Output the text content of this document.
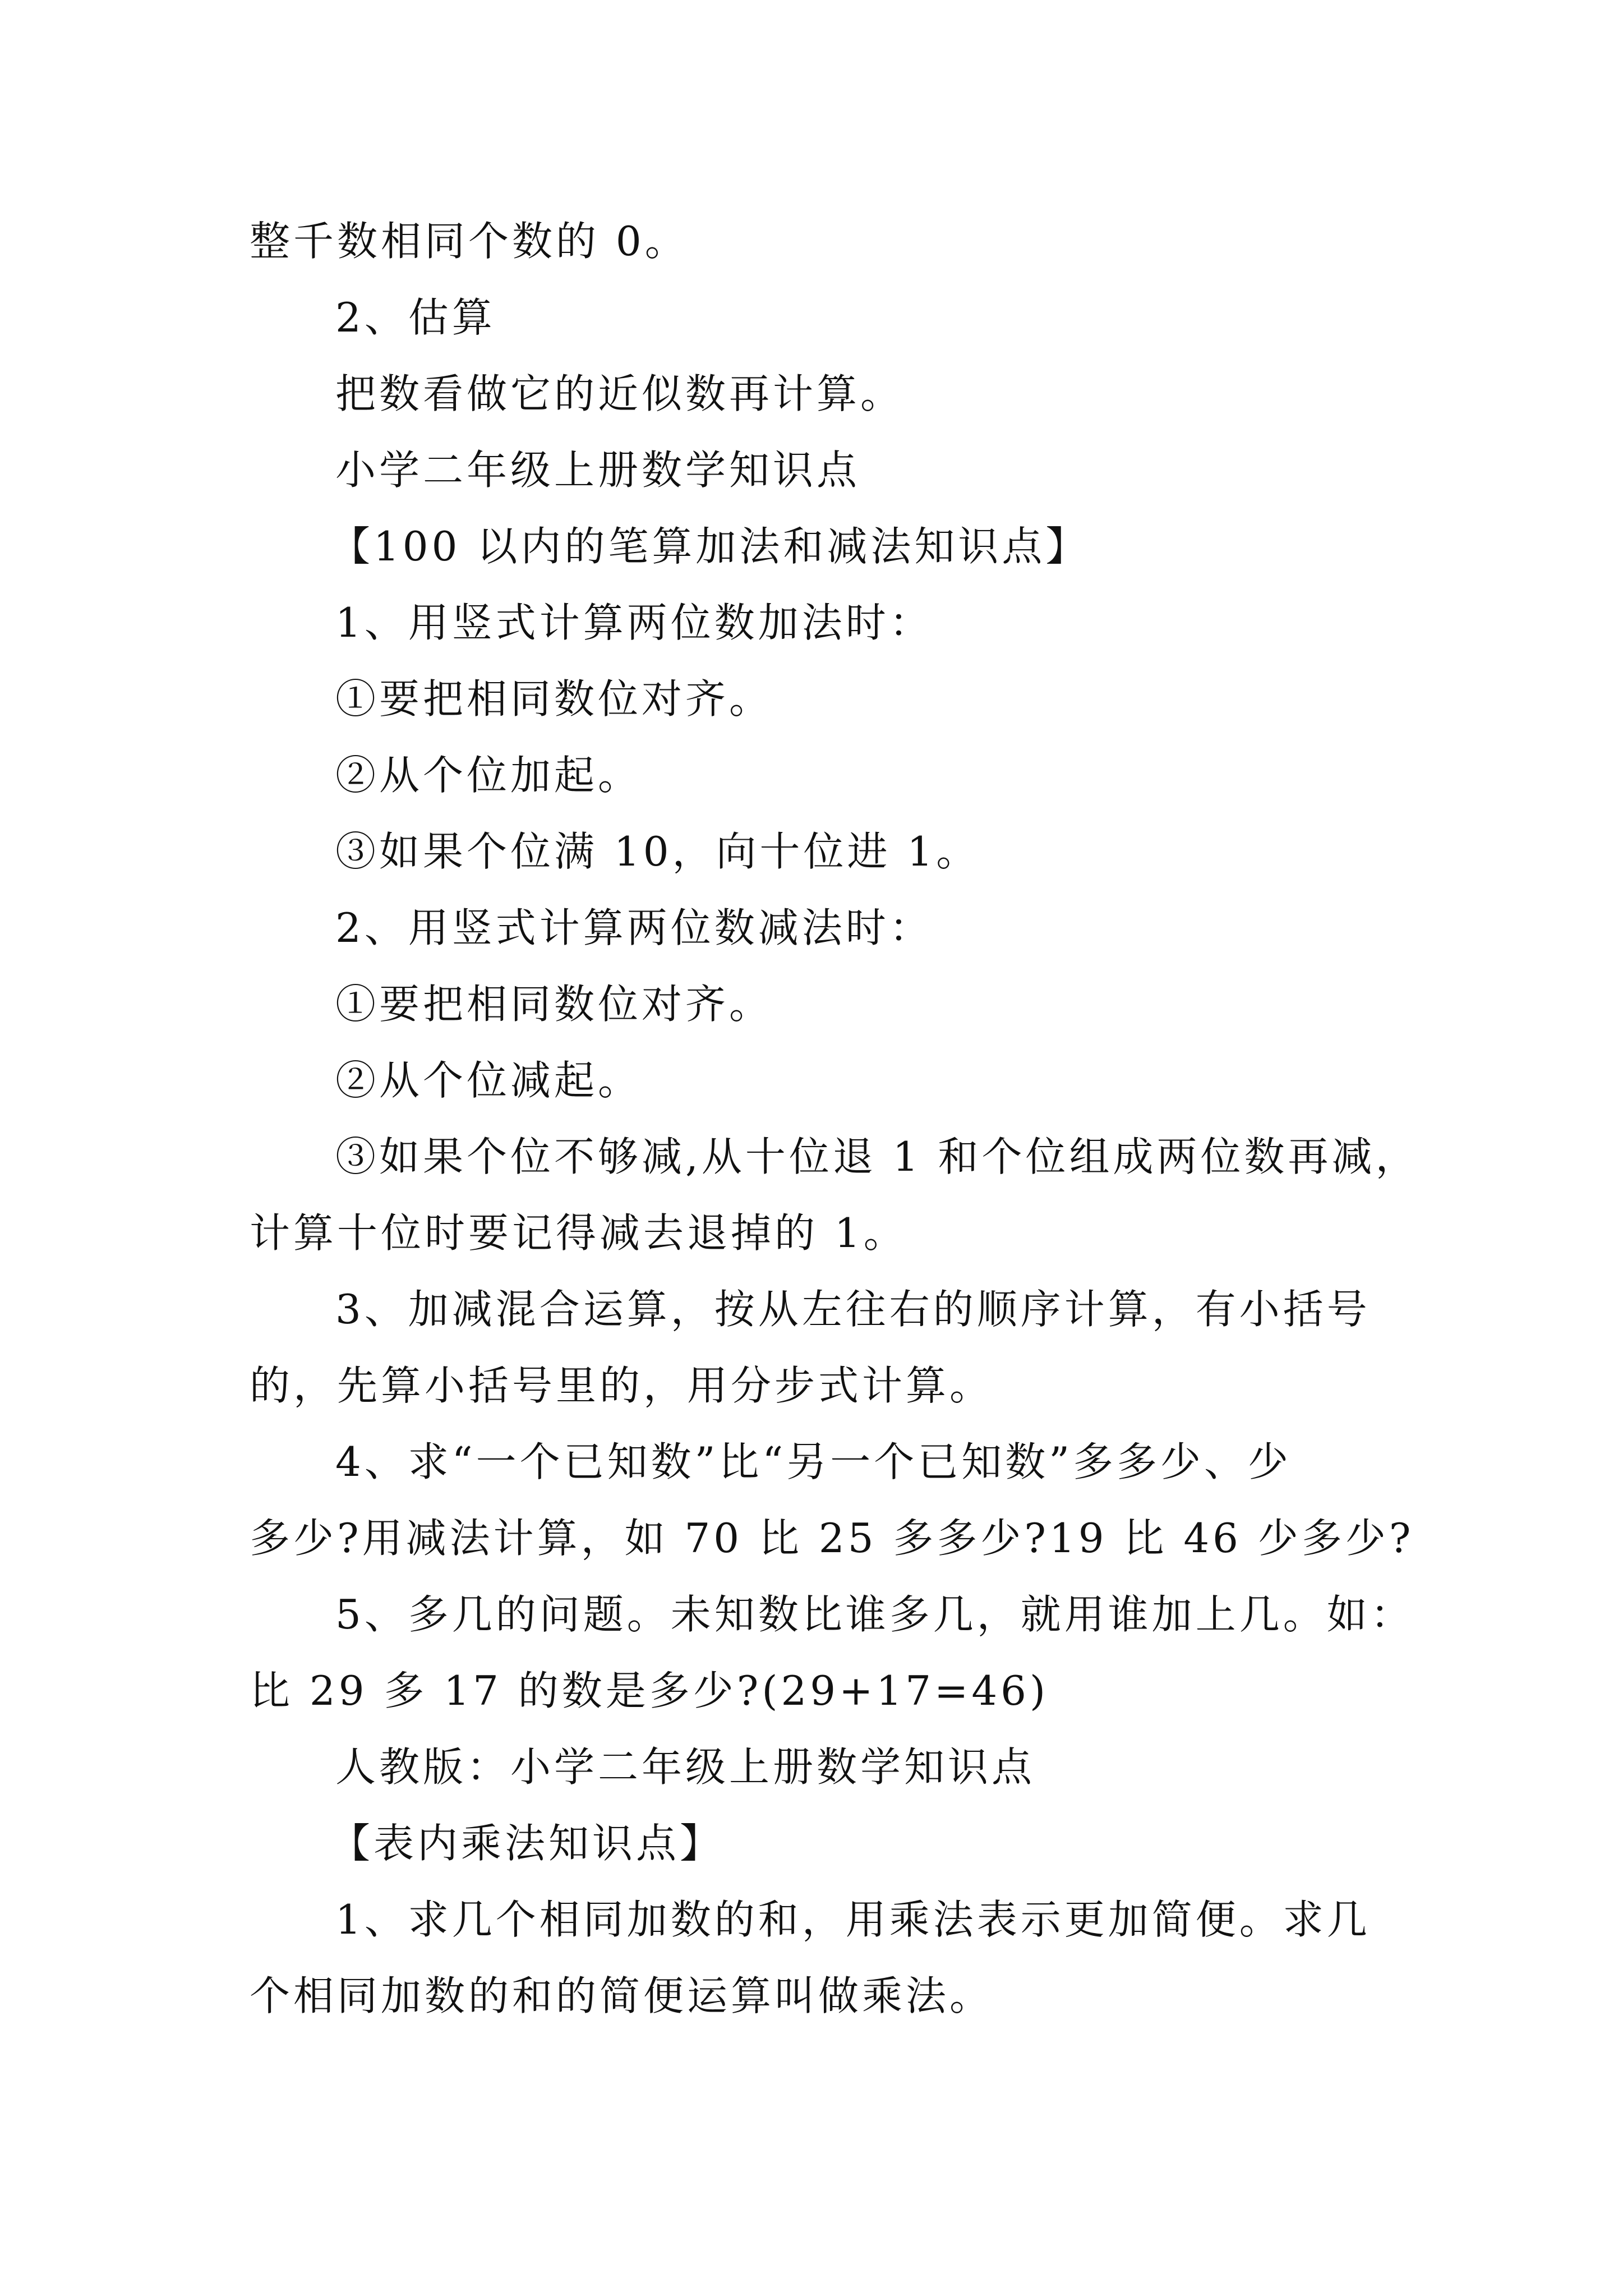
整千数相同个数的 0。
2、估算
把数看做它的近似数再计算。
小学二年级上册数学知识点
【100 以内的笔算加法和减法知识点】
1、用竖式计算两位数加法时：
①要把相同数位对齐。
②从个位加起。
③如果个位满 10，向十位进 1。
2、用竖式计算两位数减法时：
①要把相同数位对齐。
②从个位减起。
③如果个位不够减,从十位退 1 和个位组成两位数再减，
计算十位时要记得减去退掉的 1。
3、加减混合运算，按从左往右的顺序计算，有小括号
的，先算小括号里的，用分步式计算。
4、求“一个已知数”比“另一个已知数”多多少、少
多少?用减法计算，如 70 比 25 多多少?19 比 46 少多少?
5、多几的问题。未知数比谁多几，就用谁加上几。如：
比 29 多 17 的数是多少?(29+17=46)
人教版：小学二年级上册数学知识点
【表内乘法知识点】
1、求几个相同加数的和，用乘法表示更加简便。求几
个相同加数的和的简便运算叫做乘法。
